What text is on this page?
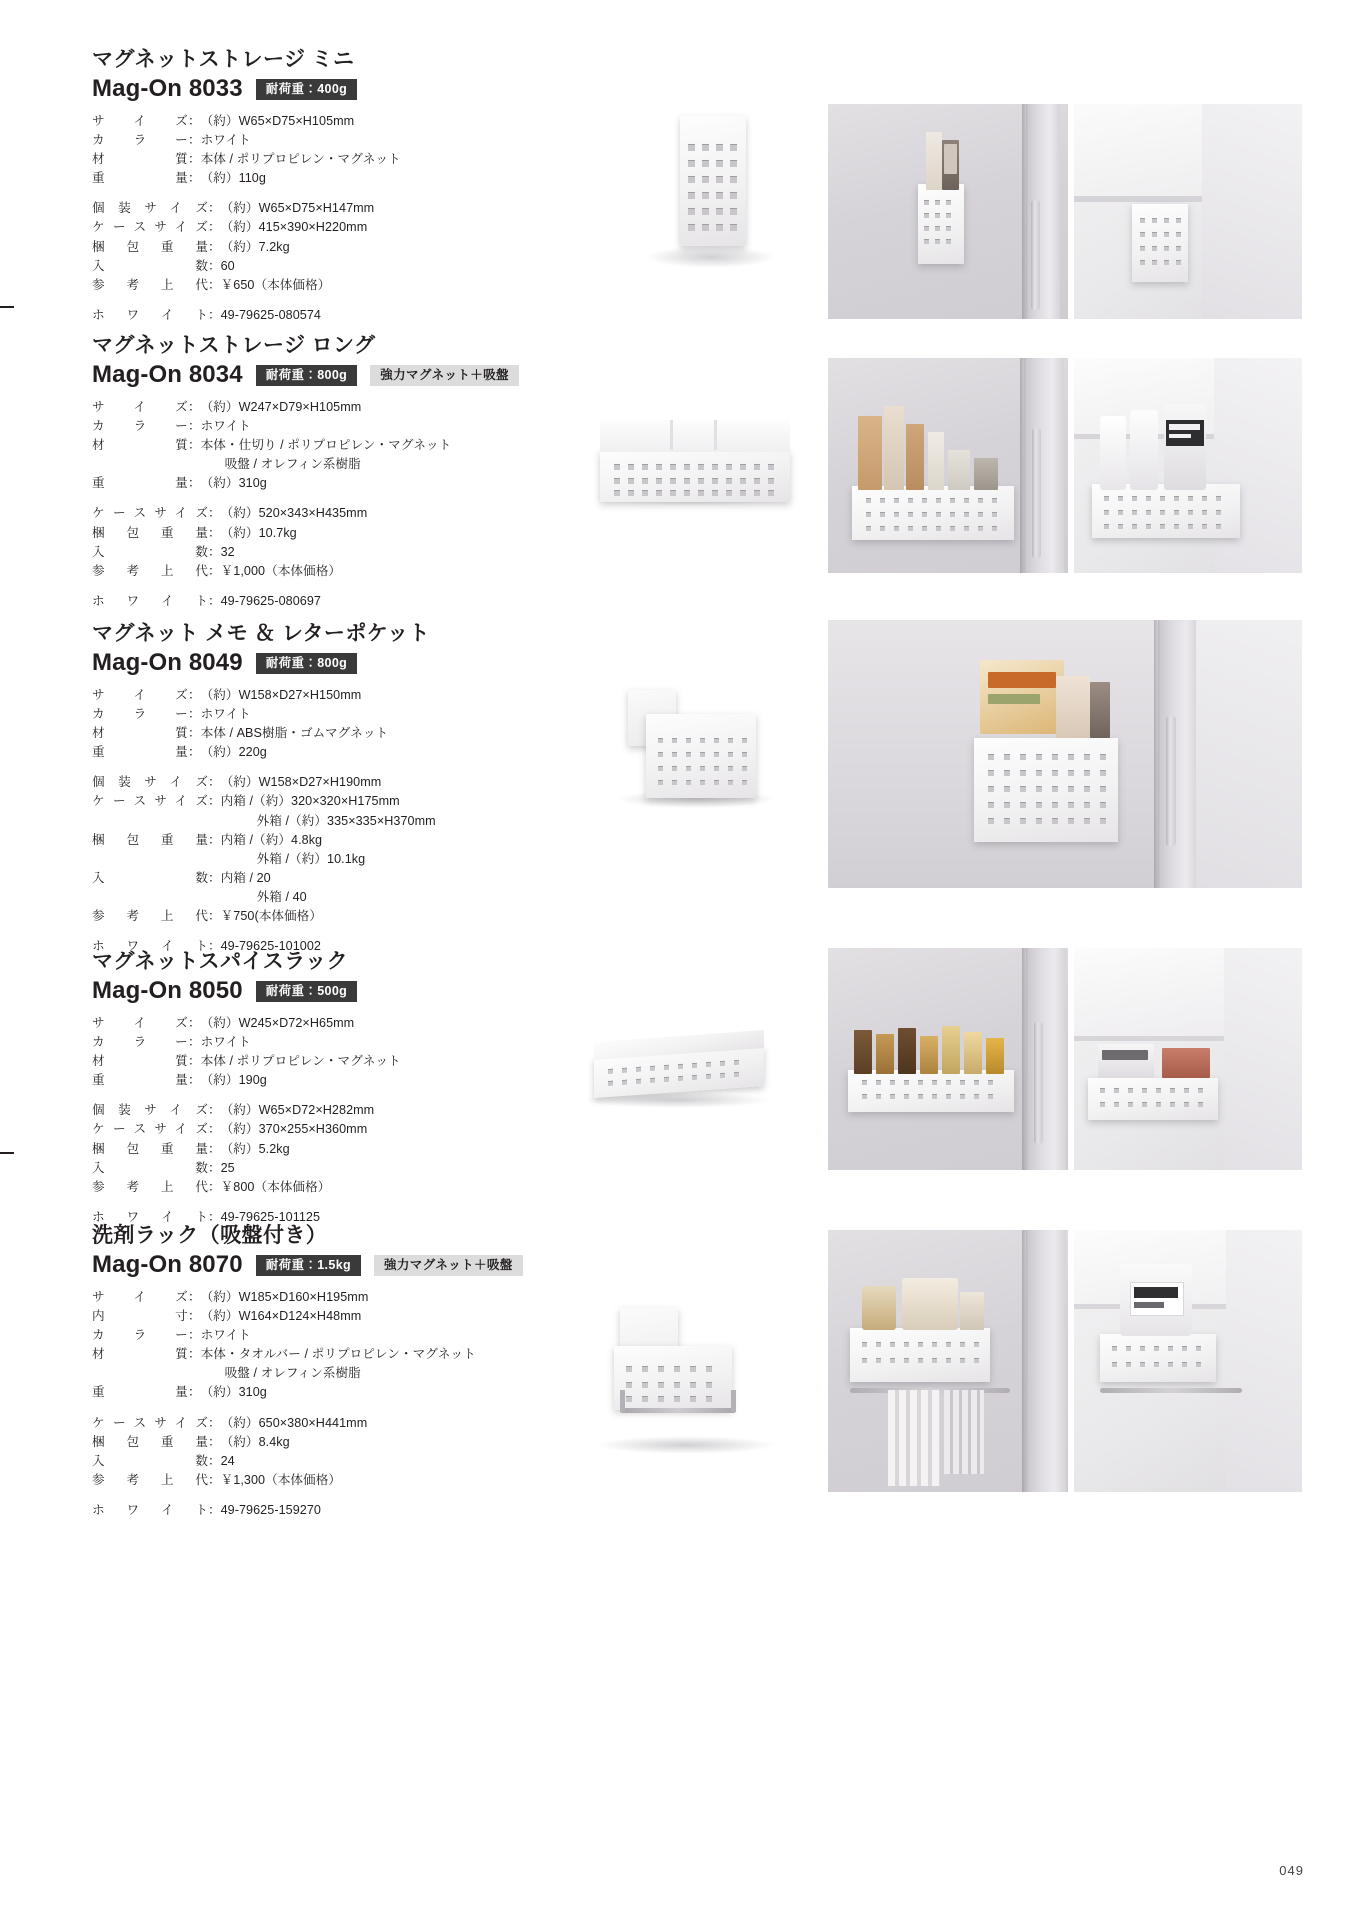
マグネットストレージ ミニ
Mag-On 8033	耐荷重：400g
サイズ	：	（約）W65×D75×H105mm
カラー	：	ホワイト
材　質	：	本体 / ポリプロピレン・マグネット
重　量	：	（約）110g
個装サイズ	：	（約）W65×D75×H147mm
ケースサイズ	：	（約）415×390×H220mm
梱 包 重 量	：	（約）7.2kg
入　　　数	：	60
参 考 上 代	：	￥650（本体価格）
ホ ワ イ ト	：	49-79625-080574
マグネットストレージ ロング
Mag-On 8034	耐荷重：800g	強力マグネット＋吸盤
サイズ	：	（約）W247×D79×H105mm
カラー	：	ホワイト
材　質	：	本体・仕切り / ポリプロピレン・マグネット
		吸盤 / オレフィン系樹脂
重　量	：	（約）310g
ケースサイズ	：	（約）520×343×H435mm
梱 包 重 量	：	（約）10.7kg
入　　　数	：	32
参 考 上 代	：	￥1,000（本体価格）
ホ ワ イ ト	：	49-79625-080697
マグネット メモ ＆ レターポケット
Mag-On 8049	耐荷重：800g
サイズ	：	（約）W158×D27×H150mm
カラー	：	ホワイト
材　質	：	本体 / ABS樹脂・ゴムマグネット
重　量	：	（約）220g
個装サイズ	：	（約）W158×D27×H190mm
ケースサイズ	：	内箱 /（約）320×320×H175mm
		外箱 /（約）335×335×H370mm
梱 包 重 量	：	内箱 /（約）4.8kg
		外箱 /（約）10.1kg
入　　　数	：	内箱 / 20
		外箱 / 40
参 考 上 代	：	￥750(本体価格）
ホ ワ イ ト	：	49-79625-101002
マグネットスパイスラック
Mag-On 8050	耐荷重：500g
サイズ	：	（約）W245×D72×H65mm
カラー	：	ホワイト
材　質	：	本体 / ポリプロピレン・マグネット
重　量	：	（約）190g
個装サイズ	：	（約）W65×D72×H282mm
ケースサイズ	：	（約）370×255×H360mm
梱 包 重 量	：	（約）5.2kg
入　　　数	：	25
参 考 上 代	：	￥800（本体価格）
ホ ワ イ ト	：	49-79625-101125
洗剤ラック（吸盤付き）
Mag-On 8070	耐荷重：1.5kg	強力マグネット＋吸盤
サイズ	：	（約）W185×D160×H195mm
内　寸	：	（約）W164×D124×H48mm
カラー	：	ホワイト
材　質	：	本体・タオルバー / ポリプロピレン・マグネット
		吸盤 / オレフィン系樹脂
重　量	：	（約）310g
ケースサイズ	：	（約）650×380×H441mm
梱 包 重 量	：	（約）8.4kg
入　　　数	：	24
参 考 上 代	：	￥1,300（本体価格）
ホ ワ イ ト	：	49-79625-159270
049
